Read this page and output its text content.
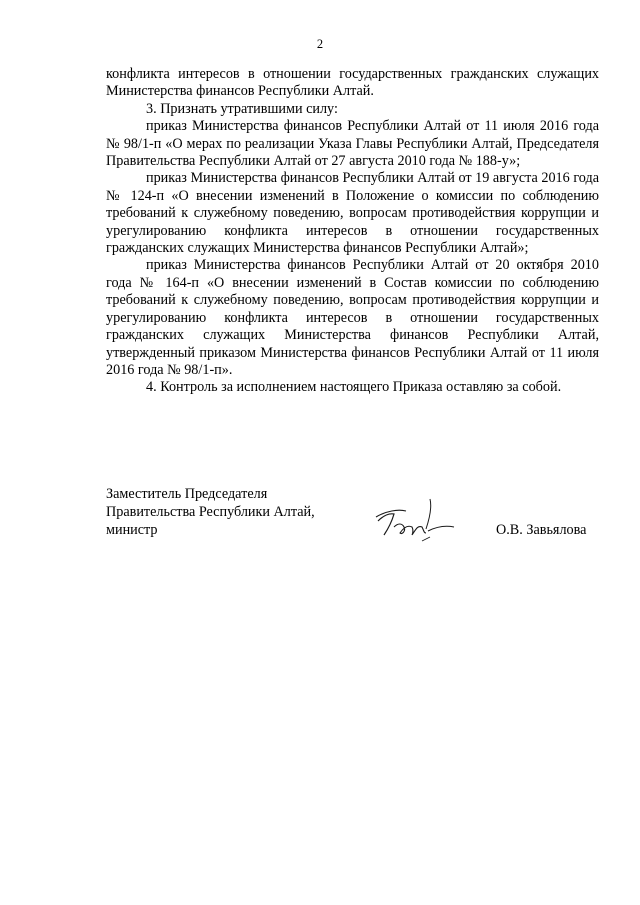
2

конфликта интересов в отношении государственных гражданских служащих Министерства финансов Республики Алтай.

3. Признать утратившими силу:

приказ Министерства финансов Республики Алтай от 11 июля 2016 года № 98/1-п «О мерах по реализации Указа Главы Республики Алтай, Председателя Правительства Республики Алтай от 27 августа 2010 года № 188-у»;

приказ Министерства финансов Республики Алтай от 19 августа 2016 года № 124-п «О внесении изменений в Положение о комиссии по соблюдению требований к служебному поведению, вопросам противодействия коррупции и урегулированию конфликта интересов в отношении государственных гражданских служащих Министерства финансов Республики Алтай»;

приказ Министерства финансов Республики Алтай от 20 октября 2010 года № 164-п «О внесении изменений в Состав комиссии по соблюдению требований к служебному поведению, вопросам противодействия коррупции и урегулированию конфликта интересов в отношении государственных гражданских служащих Министерства финансов Республики Алтай, утвержденный приказом Министерства финансов Республики Алтай от 11 июля 2016 года № 98/1-п».

4. Контроль за исполнением настоящего Приказа оставляю за собой.

Заместитель Председателя
Правительства Республики Алтай,
министр	О.В. Завьялова
